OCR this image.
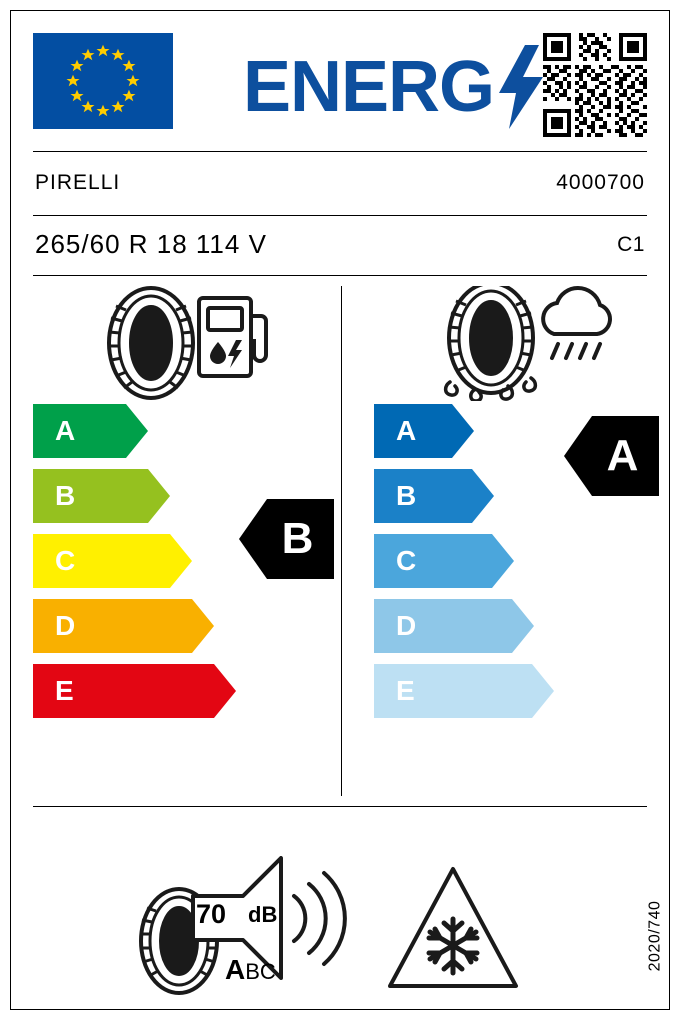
ENERG
PIRELLI	4000700
265/60 R 18 114 V	C1
A
B
C
D
E
B
A
B
C
D
E
A
70 dB
ABC
2020/740
